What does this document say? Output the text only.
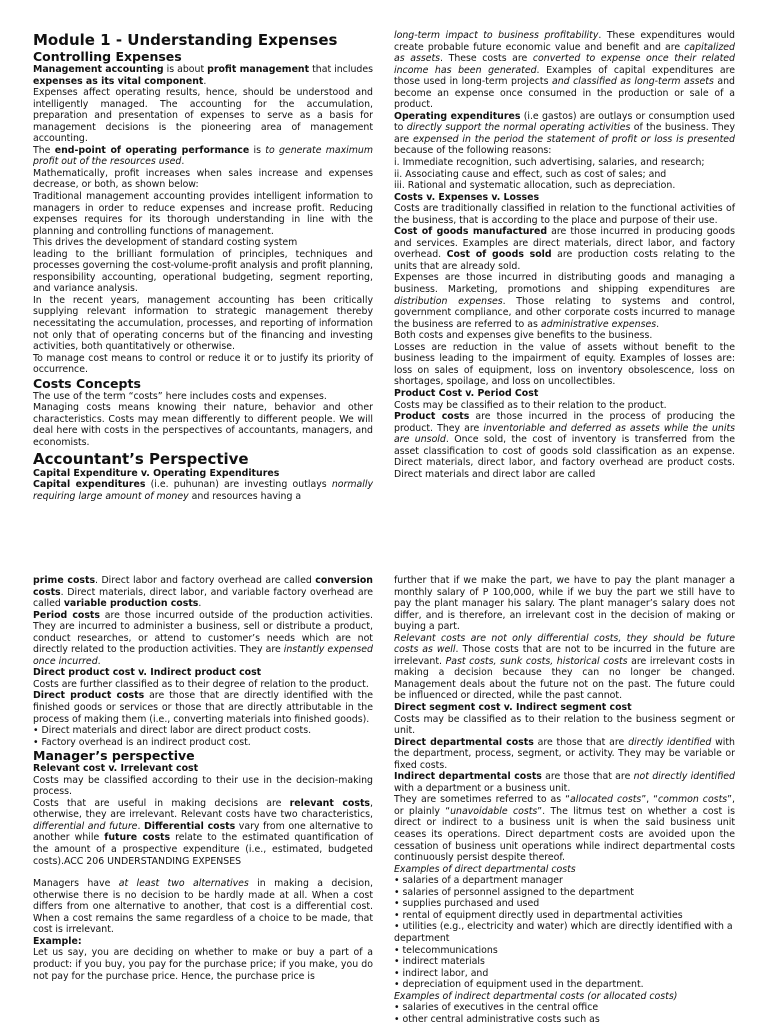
Module 1 - Understanding Expenses

Controlling Expenses

Management accounting is about profit management that includes expenses as its vital component.

Expenses affect operating results, hence, should be understood and intelligently managed. The accounting for the accumulation, preparation and presentation of expenses to serve as a basis for management decisions is the pioneering area of management accounting.

The end-point of operating performance is to generate maximum profit out of the resources used.

Mathematically, profit increases when sales increase and expenses decrease, or both, as shown below:

Traditional management accounting provides intelligent information to managers in order to reduce expenses and increase profit. Reducing expenses requires for its thorough understanding in line with the planning and controlling functions of management.

This drives the development of standard costing system

leading to the brilliant formulation of principles, techniques and processes governing the cost-volume-profit analysis and profit planning, responsibility accounting, operational budgeting, segment reporting, and variance analysis.

In the recent years, management accounting has been critically supplying relevant information to strategic management thereby necessitating the accumulation, processes, and reporting of information not only that of operating concerns but of the financing and investing activities, both quantitatively or otherwise.

To manage cost means to control or reduce it or to justify its priority of occurrence.

Costs Concepts

The use of the term “costs” here includes costs and expenses.

Managing costs means knowing their nature, behavior and other characteristics. Costs may mean differently to different people. We will deal here with costs in the perspectives of accountants, managers, and economists.

Accountant’s Perspective

Capital Expenditure v. Operating Expenditures

Capital expenditures (i.e. puhunan) are investing outlays normally requiring large amount of money and resources having a

long-term impact to business profitability. These expenditures would create probable future economic value and benefit and are capitalized as assets. These costs are converted to expense once their related income has been generated. Examples of capital expenditures are those used in long-term projects and classified as long-term assets and become an expense once consumed in the production or sale of a product.

Operating expenditures (i.e gastos) are outlays or consumption used to directly support the normal operating activities of the business. They are expensed in the period the statement of profit or loss is presented because of the following reasons:

i. Immediate recognition, such advertising, salaries, and research;

ii. Associating cause and effect, such as cost of sales; and

iii. Rational and systematic allocation, such as depreciation.

Costs v. Expenses v. Losses

Costs are traditionally classified in relation to the functional activities of the business, that is according to the place and purpose of their use.

Cost of goods manufactured are those incurred in producing goods and services. Examples are direct materials, direct labor, and factory overhead. Cost of goods sold are production costs relating to the units that are already sold.

Expenses are those incurred in distributing goods and managing a business. Marketing, promotions and shipping expenditures are distribution expenses. Those relating to systems and control, government compliance, and other corporate costs incurred to manage the business are referred to as administrative expenses.

Both costs and expenses give benefits to the business.

Losses are reduction in the value of assets without benefit to the business leading to the impairment of equity. Examples of losses are: loss on sales of equipment, loss on inventory obsolescence, loss on shortages, spoilage, and loss on uncollectibles.

Product Cost v. Period Cost

Costs may be classified as to their relation to the product.

Product costs are those incurred in the process of producing the product. They are inventoriable and deferred as assets while the units are unsold. Once sold, the cost of inventory is transferred from the asset classification to cost of goods sold classification as an expense. Direct materials, direct labor, and factory overhead are product costs. Direct materials and direct labor are called

prime costs. Direct labor and factory overhead are called conversion costs. Direct materials, direct labor, and variable factory overhead are called variable production costs.

Period costs are those incurred outside of the production activities. They are incurred to administer a business, sell or distribute a product, conduct researches, or attend to customer’s needs which are not directly related to the production activities. They are instantly expensed once incurred.

Direct product cost v. Indirect product cost

Costs are further classified as to their degree of relation to the product.

Direct product costs are those that are directly identified with the finished goods or services or those that are directly attributable in the process of making them (i.e., converting materials into finished goods).

• Direct materials and direct labor are direct product costs.

• Factory overhead is an indirect product cost.

Manager’s perspective

Relevant cost v. Irrelevant cost

Costs may be classified according to their use in the decision-making process.

Costs that are useful in making decisions are relevant costs, otherwise, they are irrelevant. Relevant costs have two characteristics, differential and future. Differential costs vary from one alternative to another while future costs relate to the estimated quantification of the amount of a prospective expenditure (i.e., estimated, budgeted costs).ACC 206 UNDERSTANDING EXPENSES

Managers have at least two alternatives in making a decision, otherwise there is no decision to be hardly made at all. When a cost differs from one alternative to another, that cost is a differential cost. When a cost remains the same regardless of a choice to be made, that cost is irrelevant.

Example:

Let us say, you are deciding on whether to make or buy a part of a product: if you buy, you pay for the purchase price; if you make, you do not pay for the purchase price. Hence, the purchase price is

further that if we make the part, we have to pay the plant manager a monthly salary of P 100,000, while if we buy the part we still have to pay the plant manager his salary. The plant manager’s salary does not differ, and is therefore, an irrelevant cost in the decision of making or buying a part.

Relevant costs are not only differential costs, they should be future costs as well. Those costs that are not to be incurred in the future are irrelevant. Past costs, sunk costs, historical costs are irrelevant costs in making a decision because they can no longer be changed. Management deals about the future not on the past. The future could be influenced or directed, while the past cannot.

Direct segment cost v. Indirect segment cost

Costs may be classified as to their relation to the business segment or unit.

Direct departmental costs are those that are directly identified with the department, process, segment, or activity. They may be variable or fixed costs.

Indirect departmental costs are those that are not directly identified with a department or a business unit.

They are sometimes referred to as “allocated costs”, “common costs”, or plainly “unavoidable costs”. The litmus test on whether a cost is direct or indirect to a business unit is when the said business unit ceases its operations. Direct department costs are avoided upon the cessation of business unit operations while indirect departmental costs continuously persist despite thereof.

Examples of direct departmental costs

• salaries of a department manager

• salaries of personnel assigned to the department

• supplies purchased and used

• rental of equipment directly used in departmental activities

• utilities (e.g., electricity and water) which are directly identified with a department

• telecommunications

• indirect materials

• indirect labor, and

• depreciation of equipment used in the department.

Examples of indirect departmental costs (or allocated costs)

• salaries of executives in the central office

• other central administrative costs such as
